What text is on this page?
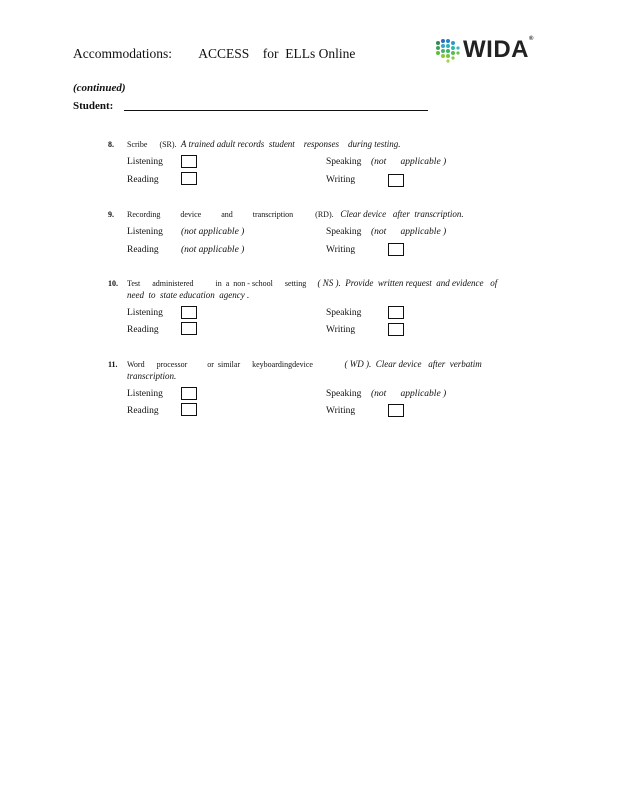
Accommodations:        ACCESS    for  ELLs Online	WIDA®
(continued)
Student:
8. Scribe      (SR).  A trained adult records  student    responses    during testing.
Listening	Speaking (not      applicable )
Reading	Writing
9. Recording          device          and          transcription           (RD).   Clear device   after  transcription.
Listening (not applicable )	Speaking (not      applicable )
Reading (not applicable )	Writing
10. Test      administered           in  a  non - school      setting     ( NS ).  Provide  written request  and evidence   of
need  to  state education  agency .
Listening	Speaking
Reading	Writing
11. Word      processor          or  similar      keyboardingdevice              ( WD ).  Clear device   after  verbatim
transcription.
Listening	Speaking (not      applicable )
Reading	Writing
